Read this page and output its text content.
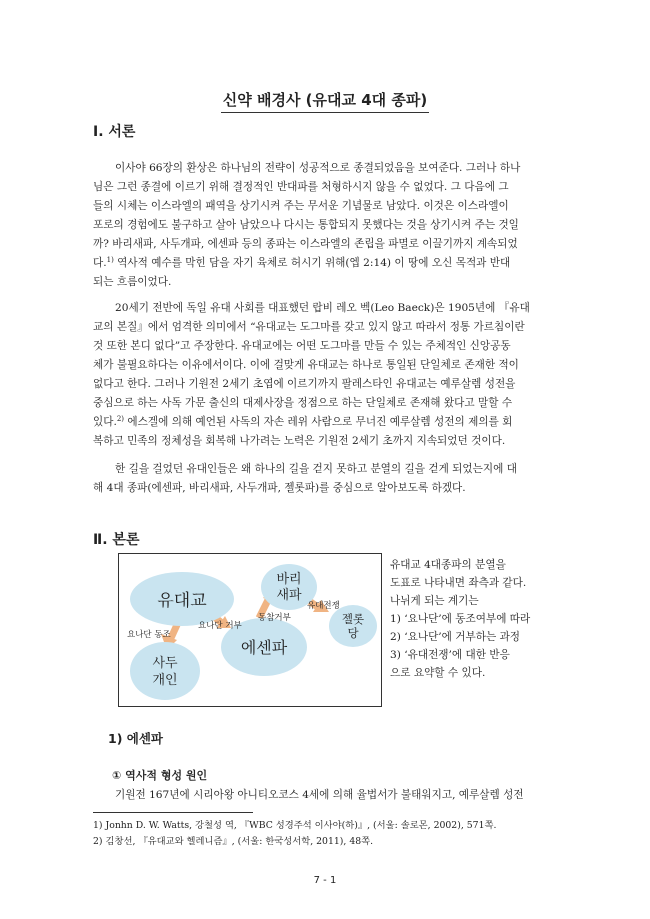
신약 배경사 (유대교 4대 종파)
Ⅰ. 서론

이사야 66장의 환상은 하나님의 전략이 성공적으로 종결되었음을 보여준다. 그러나 하나

님은 그런 종결에 이르기 위해 결정적인 반대파를 처형하시지 않을 수 없었다. 그 다음에 그
들의 시체는 이스라엘의 패역을 상기시켜 주는 무서운 기념물로 남았다. 이것은 이스라엘이
포로의 경험에도 불구하고 살아 남았으나 다시는 통합되지 못했다는 것을 상기시켜 주는 것일
까? 바리새파, 사두개파, 에센파 등의 종파는 이스라엘의 존립을 파멸로 이끌기까지 계속되었
다.$^{1)}$ 역사적 예수를 막힌 담을 자기 육체로 허시기 위해(엡 2:14) 이 땅에 오신 목적과 반대
되는 흐름이었다.

20세기 전반에 독일 유대 사회를 대표했던 랍비 레오 벡(Leo Baeck)은 1905년에 『유대

교의 본질』에서 엄격한 의미에서 “유대교는 도그마를 갖고 있지 않고 따라서 정통 가르침이란
것 또한 본디 없다”고 주장한다. 유대교에는 어떤 도그마를 만들 수 있는 주체적인 신앙공동
체가 불필요하다는 이유에서이다. 이에 걸맞게 유대교는 하나로 통일된 단일체로 존재한 적이
없다고 한다. 그러나 기원전 2세기 초엽에 이르기까지 팔레스타인 유대교는 예루살렘 성전을
중심으로 하는 사독 가문 출신의 대제사장을 정점으로 하는 단일체로 존재해 왔다고 말할 수
있다.$^{2)}$ 에스겔에 의해 예언된 사독의 자손 레위 사람으로 무너진 예루살렘 성전의 제의를 회
복하고 민족의 정체성을 회복해 나가려는 노력은 기원전 2세기 초까지 지속되었던 것이다.

한 길을 걸었던 유대인들은 왜 하나의 길을 걷지 못하고 분열의 길을 걷게 되었는지에 대

해 4대 종파(에센파, 바리새파, 사두개파, 젤롯파)를 중심으로 알아보도록 하겠다.
Ⅱ. 본론
유대교
바리
새파
젤롯
당
사두
개인
에센파
요나단 동조
요나단 거부
동참거부
유대전쟁
유대교 4대종파의 분열을
도표로 나타내면 좌측과 같다.
나뉘게 되는 계기는
1) ‘요나단’에 동조여부에 따라
2) ‘요나단’에 거부하는 과정
3) ‘유대전쟁’에 대한 반응
으로 요약할 수 있다.
1) 에센파
① 역사적 형성 원인
기원전 167년에 시리아왕 아니티오코스 4세에 의해 율법서가 불태워지고, 예루살렘 성전
1) Jonhn D. W. Watts, 강철성 역, 『WBC 성경주석 이사야(하)』, (서울: 솔로몬, 2002), 571쪽.
2) 김창선, 『유대교와 헬레니즘』, (서울: 한국성서학, 2011), 48쪽.
7 - 1
